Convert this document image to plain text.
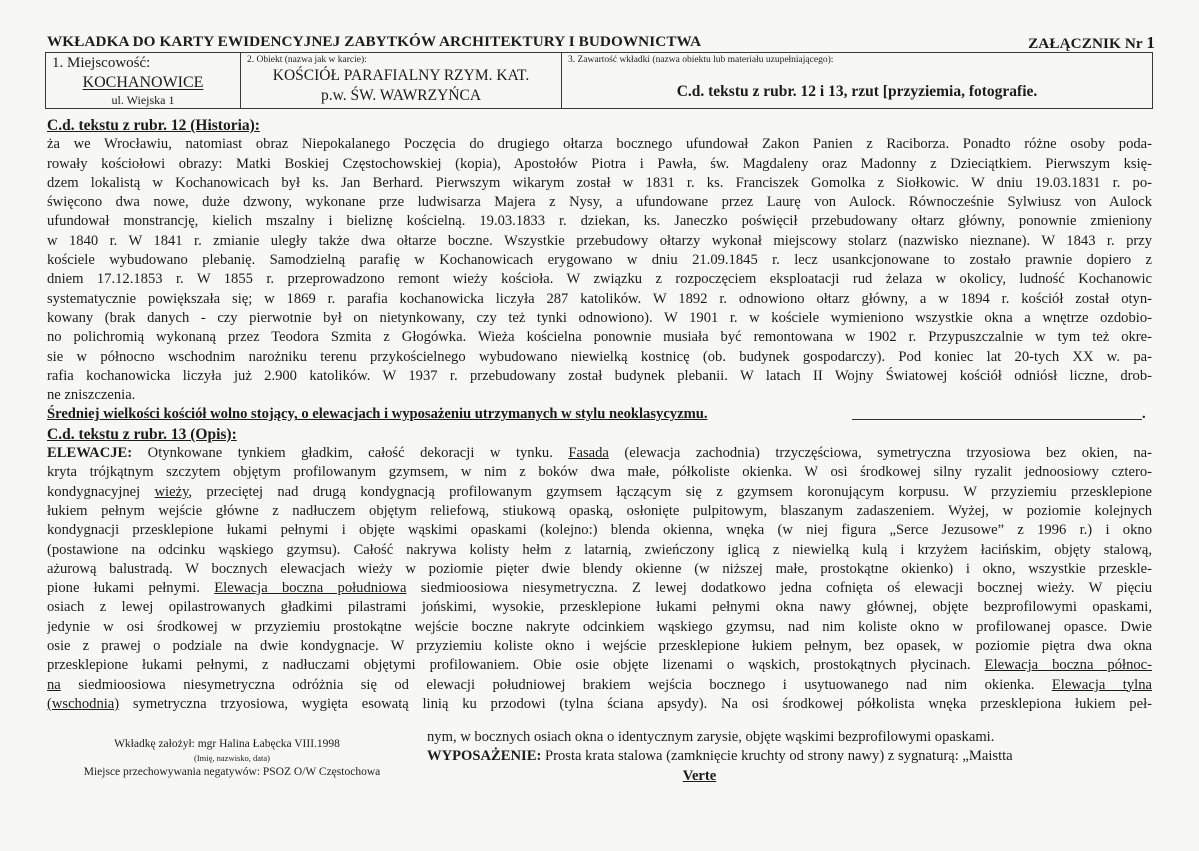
WKŁADKA DO KARTY EWIDENCYJNEJ ZABYTKÓW ARCHITEKTURY I BUDOWNICTWA	ZAŁĄCZNIK Nr 1
1. Miejscowość:
KOCHANOWICE
ul. Wiejska 1
2. Obiekt (nazwa jak w karcie):
KOŚCIÓŁ PARAFIALNY RZYM. KAT.
p.w. ŚW. WAWRZYŃCA
3. Zawartość wkładki (nazwa obiektu lub materiału uzupełniającego):
C.d. tekstu z rubr. 12 i 13, rzut [przyziemia, fotografie.
C.d. tekstu z rubr. 12 (Historia):
ża we Wrocławiu, natomiast obraz Niepokalanego Poczęcia do drugiego ołtarza bocznego ufundował Zakon Panien z Raciborza. Ponadto różne osoby poda-
rowały kościołowi obrazy: Matki Boskiej Częstochowskiej (kopia), Apostołów Piotra i Pawła, św. Magdaleny oraz Madonny z Dzieciątkiem. Pierwszym księ-
dzem lokalistą w Kochanowicach był ks. Jan Berhard. Pierwszym wikarym został w 1831 r. ks. Franciszek Gomolka z Siołkowic. W dniu 19.03.1831 r. po-
święcono dwa nowe, duże dzwony, wykonane prze ludwisarza Majera z Nysy, a ufundowane przez Laurę von Aulock. Równocześnie Sylwiusz von Aulock
ufundował monstrancję, kielich mszalny i bieliznę kościelną. 19.03.1833 r. dziekan, ks. Janeczko poświęcił przebudowany ołtarz główny, ponownie zmieniony
w 1840 r. W 1841 r. zmianie uległy także dwa ołtarze boczne. Wszystkie przebudowy ołtarzy wykonał miejscowy stolarz (nazwisko nieznane). W 1843 r. przy
kościele wybudowano plebanię. Samodzielną parafię w Kochanowicach erygowano w dniu 21.09.1845 r. lecz usankcjonowane to zostało prawnie dopiero z
dniem 17.12.1853 r. W 1855 r. przeprowadzono remont wieży kościoła. W związku z rozpoczęciem eksploatacji rud żelaza w okolicy, ludność Kochanowic
systematycznie powiększała się; w 1869 r. parafia kochanowicka liczyła 287 katolików. W 1892 r. odnowiono ołtarz główny, a w 1894 r. kościół został otyn-
kowany (brak danych - czy pierwotnie był on nietynkowany, czy też tynki odnowiono). W 1901 r. w kościele wymieniono wszystkie okna a wnętrze ozdobio-
no polichromią wykonaną przez Teodora Szmita z Głogówka. Wieża kościelna ponownie musiała być remontowana w 1902 r. Przypuszczalnie w tym też okre-
sie w północno wschodnim narożniku terenu przykościelnego wybudowano niewielką kostnicę (ob. budynek gospodarczy). Pod koniec lat 20-tych XX w. pa-
rafia kochanowicka liczyła już 2.900 katolików. W 1937 r. przebudowany został budynek plebanii. W latach II Wojny Światowej kościół odniósł liczne, drob-
ne zniszczenia.
Średniej wielkości kościół wolno stojący, o elewacjach i wyposażeniu utrzymanych w stylu neoklasycyzmu.	.
C.d. tekstu z rubr. 13 (Opis):
ELEWACJE: Otynkowane tynkiem gładkim, całość dekoracji w tynku. Fasada (elewacja zachodnia) trzyczęściowa, symetryczna trzyosiowa bez okien, na-
kryta trójkątnym szczytem objętym profilowanym gzymsem, w nim z boków dwa małe, półkoliste okienka. W osi środkowej silny ryzalit jednoosiowy cztero-
kondygnacyjnej wieży, przeciętej nad drugą kondygnacją profilowanym gzymsem łączącym się z gzymsem koronującym korpusu. W przyziemiu przesklepione
łukiem pełnym wejście główne z nadłuczem objętym reliefową, stiukową opaską, osłonięte pulpitowym, blaszanym zadaszeniem. Wyżej, w poziomie kolejnych
kondygnacji przesklepione łukami pełnymi i objęte wąskimi opaskami (kolejno:) blenda okienna, wnęka (w niej figura „Serce Jezusowe” z 1996 r.) i okno
(postawione na odcinku wąskiego gzymsu). Całość nakrywa kolisty hełm z latarnią, zwieńczony iglicą z niewielką kulą i krzyżem łacińskim, objęty stalową,
ażurową balustradą. W bocznych elewacjach wieży w poziomie pięter dwie blendy okienne (w niższej małe, prostokątne okienko) i okno, wszystkie przeskle-
pione łukami pełnymi. Elewacja boczna południowa siedmioosiowa niesymetryczna. Z lewej dodatkowo jedna cofnięta oś elewacji bocznej wieży. W pięciu
osiach z lewej opilastrowanych gładkimi pilastrami jońskimi, wysokie, przesklepione łukami pełnymi okna nawy głównej, objęte bezprofilowymi opaskami,
jedynie w osi środkowej w przyziemiu prostokątne wejście boczne nakryte odcinkiem wąskiego gzymsu, nad nim koliste okno w profilowanej opasce. Dwie
osie z prawej o podziale na dwie kondygnacje. W przyziemiu koliste okno i wejście przesklepione łukiem pełnym, bez opasek, w poziomie piętra dwa okna
przesklepione łukami pełnymi, z nadłuczami objętymi profilowaniem. Obie osie objęte lizenami o wąskich, prostokątnych płycinach. Elewacja boczna północ-
na siedmioosiowa niesymetryczna odróżnia się od elewacji południowej brakiem wejścia bocznego i usytuowanego nad nim okienka. Elewacja tylna
(wschodnia) symetryczna trzyosiowa, wygięta esowatą linią ku przodowi (tylna ściana apsydy). Na osi środkowej półkolista wnęka przesklepiona łukiem peł-
Wkładkę założył: mgr Halina Łabęcka VIII.1998
(Imię, nazwisko, data)
Miejsce przechowywania negatywów: PSOZ O/W Częstochowa
nym, w bocznych osiach okna o identycznym zarysie, objęte wąskimi bezprofilowymi opaskami.
WYPOSAŻENIE: Prosta krata stalowa (zamknięcie kruchty od strony nawy) z sygnaturą: „Maistta
Verte
